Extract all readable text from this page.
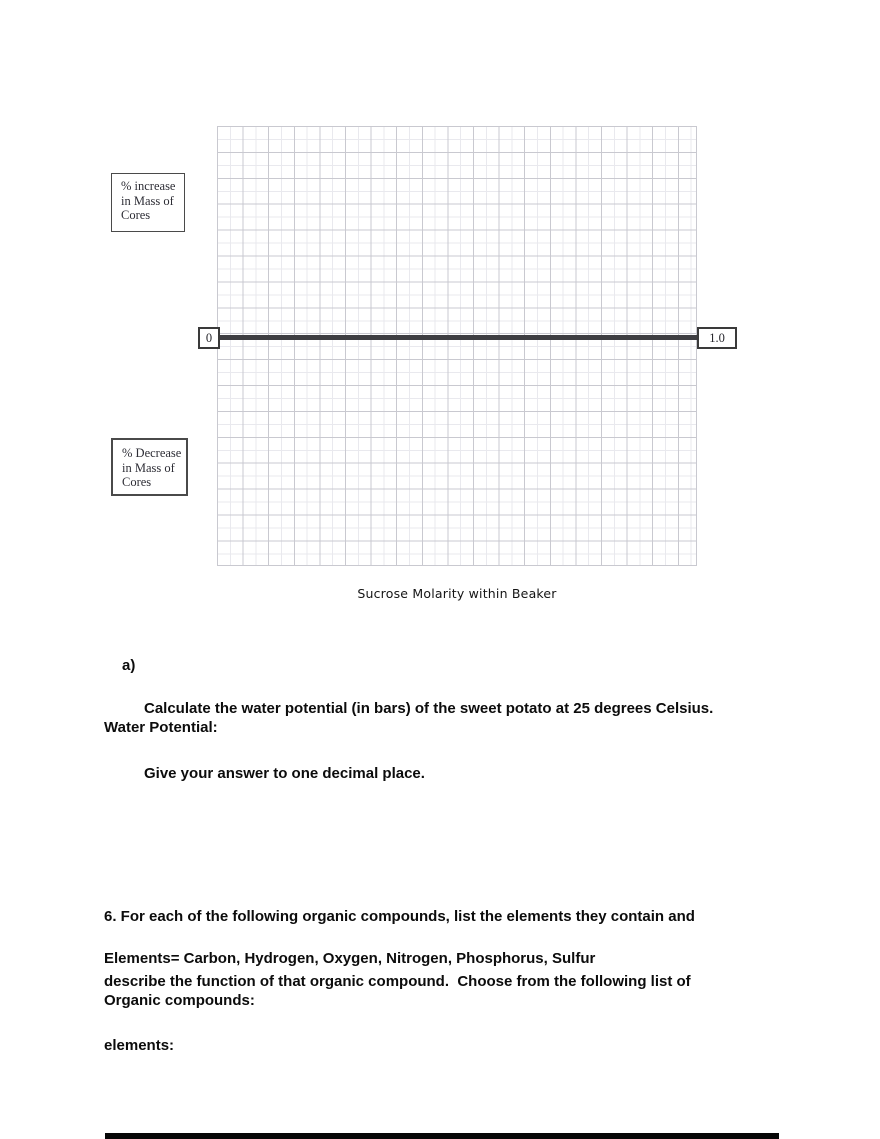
% increase
in Mass of
Cores
% Decrease
in Mass of
Cores
0	1.0
Sucrose Molarity within Beaker
a)

Calculate the water potential (in bars) of the sweet potato at 25 degrees Celsius.

Give your answer to one decimal place.

Water Potential:

6. For each of the following organic compounds, list the elements they contain and

describe the function of that organic compound.  Choose from the following list of

elements:

Elements= Carbon, Hydrogen, Oxygen, Nitrogen, Phosphorus, Sulfur
Organic compounds:
